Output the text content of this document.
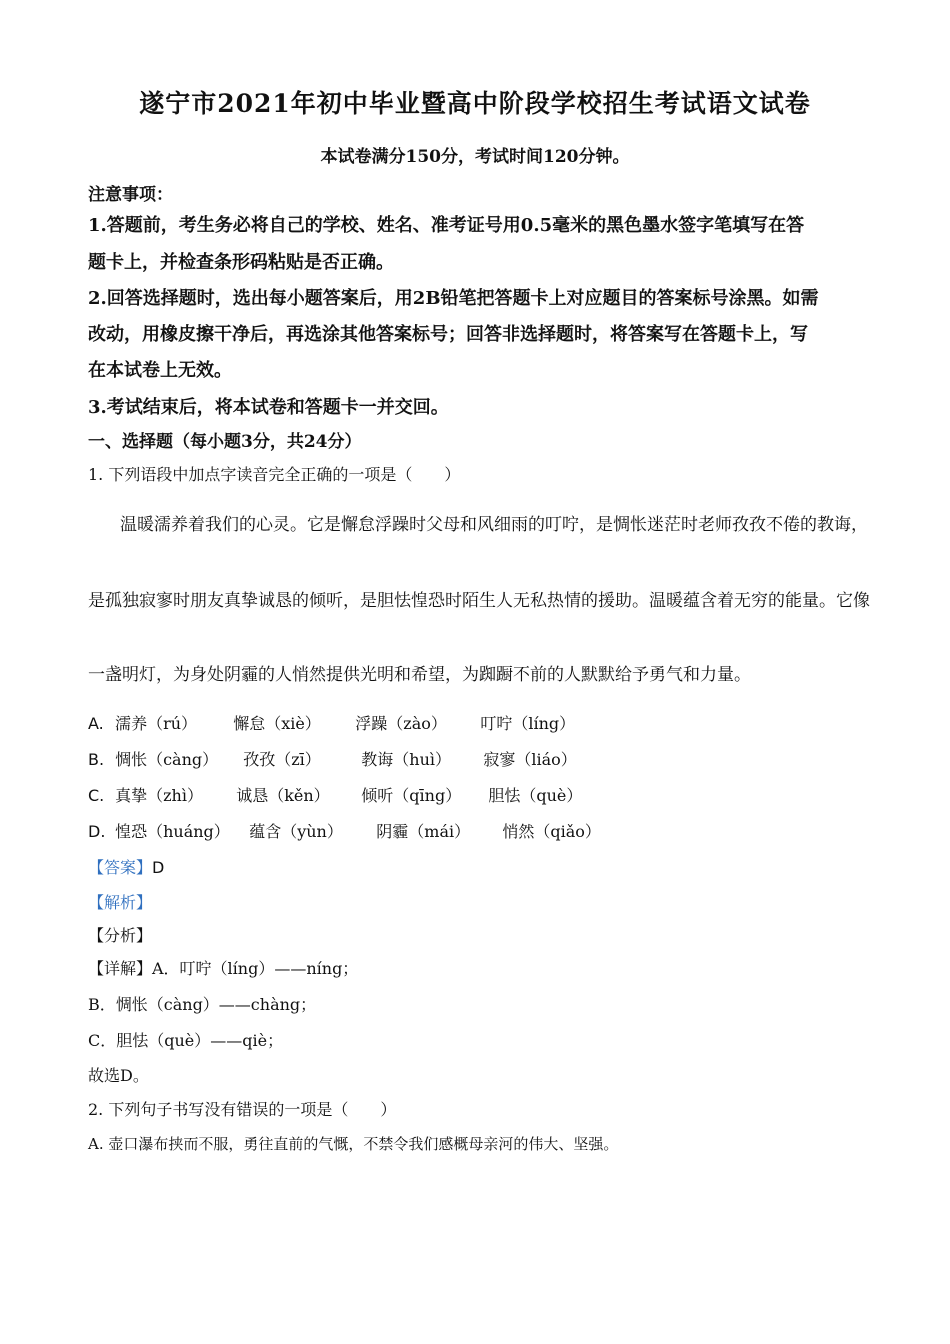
遂宁市2021年初中毕业暨高中阶段学校招生考试语文试卷
本试卷满分150分，考试时间120分钟。
注意事项：
1.答题前，考生务必将自己的学校、姓名、准考证号用0.5毫米的黑色墨水签字笔填写在答
题卡上，并检查条形码粘贴是否正确。
2.回答选择题时，选出每小题答案后，用2B铅笔把答题卡上对应题目的答案标号涂黑。如需
改动，用橡皮擦干净后，再选涂其他答案标号；回答非选择题时，将答案写在答题卡上，写
在本试卷上无效。
3.考试结束后，将本试卷和答题卡一并交回。
一、选择题（每小题3分，共24分）
1. 下列语段中加点字读音完全正确的一项是（　　）
温暖濡养着我们的心灵。它是懈怠浮躁时父母和风细雨的叮咛，是惆怅迷茫时老师孜孜不倦的教诲，
是孤独寂寥时朋友真挚诚恳的倾听，是胆怯惶恐时陌生人无私热情的援助。温暖蕴含着无穷的能量。它像
一盏明灯，为身处阴霾的人悄然提供光明和希望，为踟蹰不前的人默默给予勇气和力量。
A. 濡养（rú） 懈怠（xiè） 浮躁（zào） 叮咛（líng）
B. 惆怅（càng） 孜孜（zī）	教诲（huì） 寂寥（liáo）
C. 真挚（zhì） 诚恳（kěn） 倾听（qīng） 胆怯（què）
D. 惶恐（huáng） 蕴含（yùn） 阴霾（mái） 悄然（qiǎo）
【答案】D
【解析】
【分析】
【详解】A．叮咛（líng）——níng；
B．惆怅（càng）——chàng；
C．胆怯（què）——qiè；
故选D。
2. 下列句子书写没有错误的一项是（　　）
A. 壶口瀑布挟而不服，勇往直前的气慨，不禁令我们感概母亲河的伟大、坚强。
